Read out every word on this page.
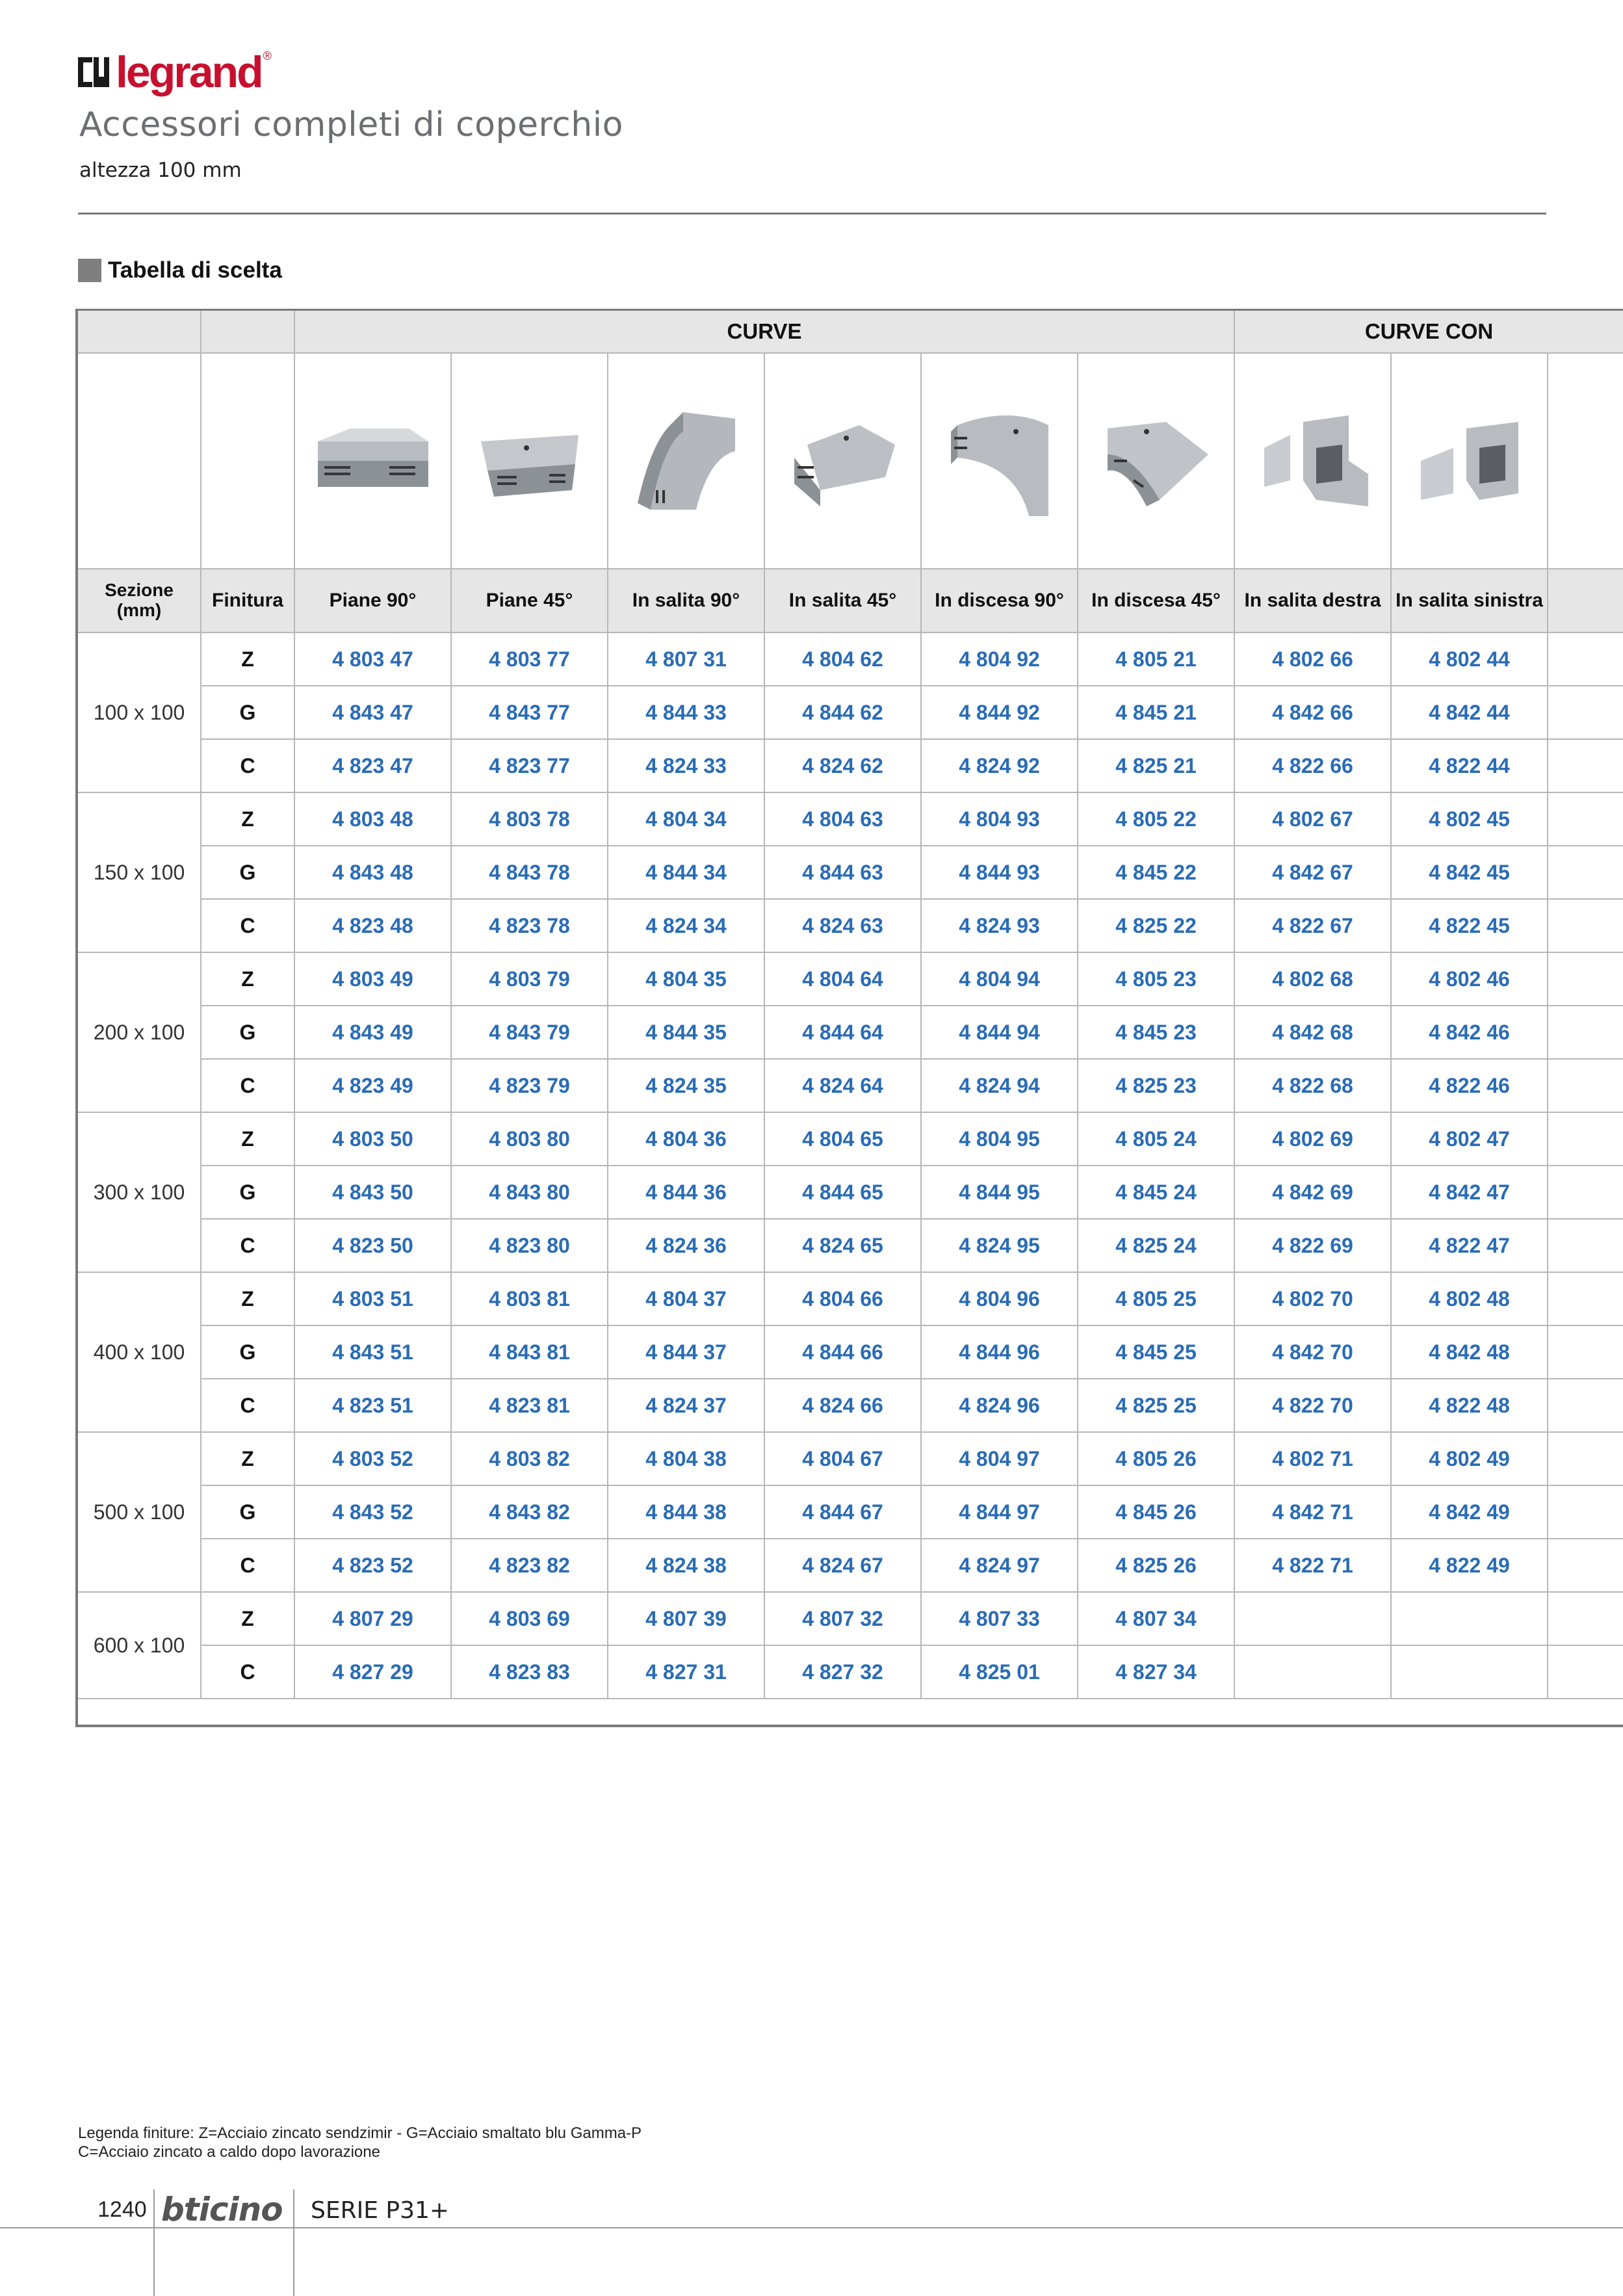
legrand ®
Accessori completi di coperchio
altezza 100 mm
Tabella di scelta
		CURVE						CURVE CON		

Sezione
(mm)	Finitura	Piane 90°	Piane 45°	In salita 90°	In salita 45°	In discesa 90°	In discesa 45°	In salita destra	In salita sinistra	
100 x 100	Z	4 803 47	4 803 77	4 807 31	4 804 62	4 804 92	4 805 21	4 802 66	4 802 44	
	G	4 843 47	4 843 77	4 844 33	4 844 62	4 844 92	4 845 21	4 842 66	4 842 44	
	C	4 823 47	4 823 77	4 824 33	4 824 62	4 824 92	4 825 21	4 822 66	4 822 44	
150 x 100	Z	4 803 48	4 803 78	4 804 34	4 804 63	4 804 93	4 805 22	4 802 67	4 802 45	
	G	4 843 48	4 843 78	4 844 34	4 844 63	4 844 93	4 845 22	4 842 67	4 842 45	
	C	4 823 48	4 823 78	4 824 34	4 824 63	4 824 93	4 825 22	4 822 67	4 822 45	
200 x 100	Z	4 803 49	4 803 79	4 804 35	4 804 64	4 804 94	4 805 23	4 802 68	4 802 46	
	G	4 843 49	4 843 79	4 844 35	4 844 64	4 844 94	4 845 23	4 842 68	4 842 46	
	C	4 823 49	4 823 79	4 824 35	4 824 64	4 824 94	4 825 23	4 822 68	4 822 46	
300 x 100	Z	4 803 50	4 803 80	4 804 36	4 804 65	4 804 95	4 805 24	4 802 69	4 802 47	
	G	4 843 50	4 843 80	4 844 36	4 844 65	4 844 95	4 845 24	4 842 69	4 842 47	
	C	4 823 50	4 823 80	4 824 36	4 824 65	4 824 95	4 825 24	4 822 69	4 822 47	
400 x 100	Z	4 803 51	4 803 81	4 804 37	4 804 66	4 804 96	4 805 25	4 802 70	4 802 48	
	G	4 843 51	4 843 81	4 844 37	4 844 66	4 844 96	4 845 25	4 842 70	4 842 48	
	C	4 823 51	4 823 81	4 824 37	4 824 66	4 824 96	4 825 25	4 822 70	4 822 48	
500 x 100	Z	4 803 52	4 803 82	4 804 38	4 804 67	4 804 97	4 805 26	4 802 71	4 802 49	
	G	4 843 52	4 843 82	4 844 38	4 844 67	4 844 97	4 845 26	4 842 71	4 842 49	
	C	4 823 52	4 823 82	4 824 38	4 824 67	4 824 97	4 825 26	4 822 71	4 822 49	
600 x 100	Z	4 807 29	4 803 69	4 807 39	4 807 32	4 807 33	4 807 34			
	C	4 827 29	4 823 83	4 827 31	4 827 32	4 825 01	4 827 34			
Legenda finiture: Z=Acciaio zincato sendzimir - G=Acciaio smaltato blu Gamma-P
C=Acciaio zincato a caldo dopo lavorazione
1240 bticino SERIE P31+
